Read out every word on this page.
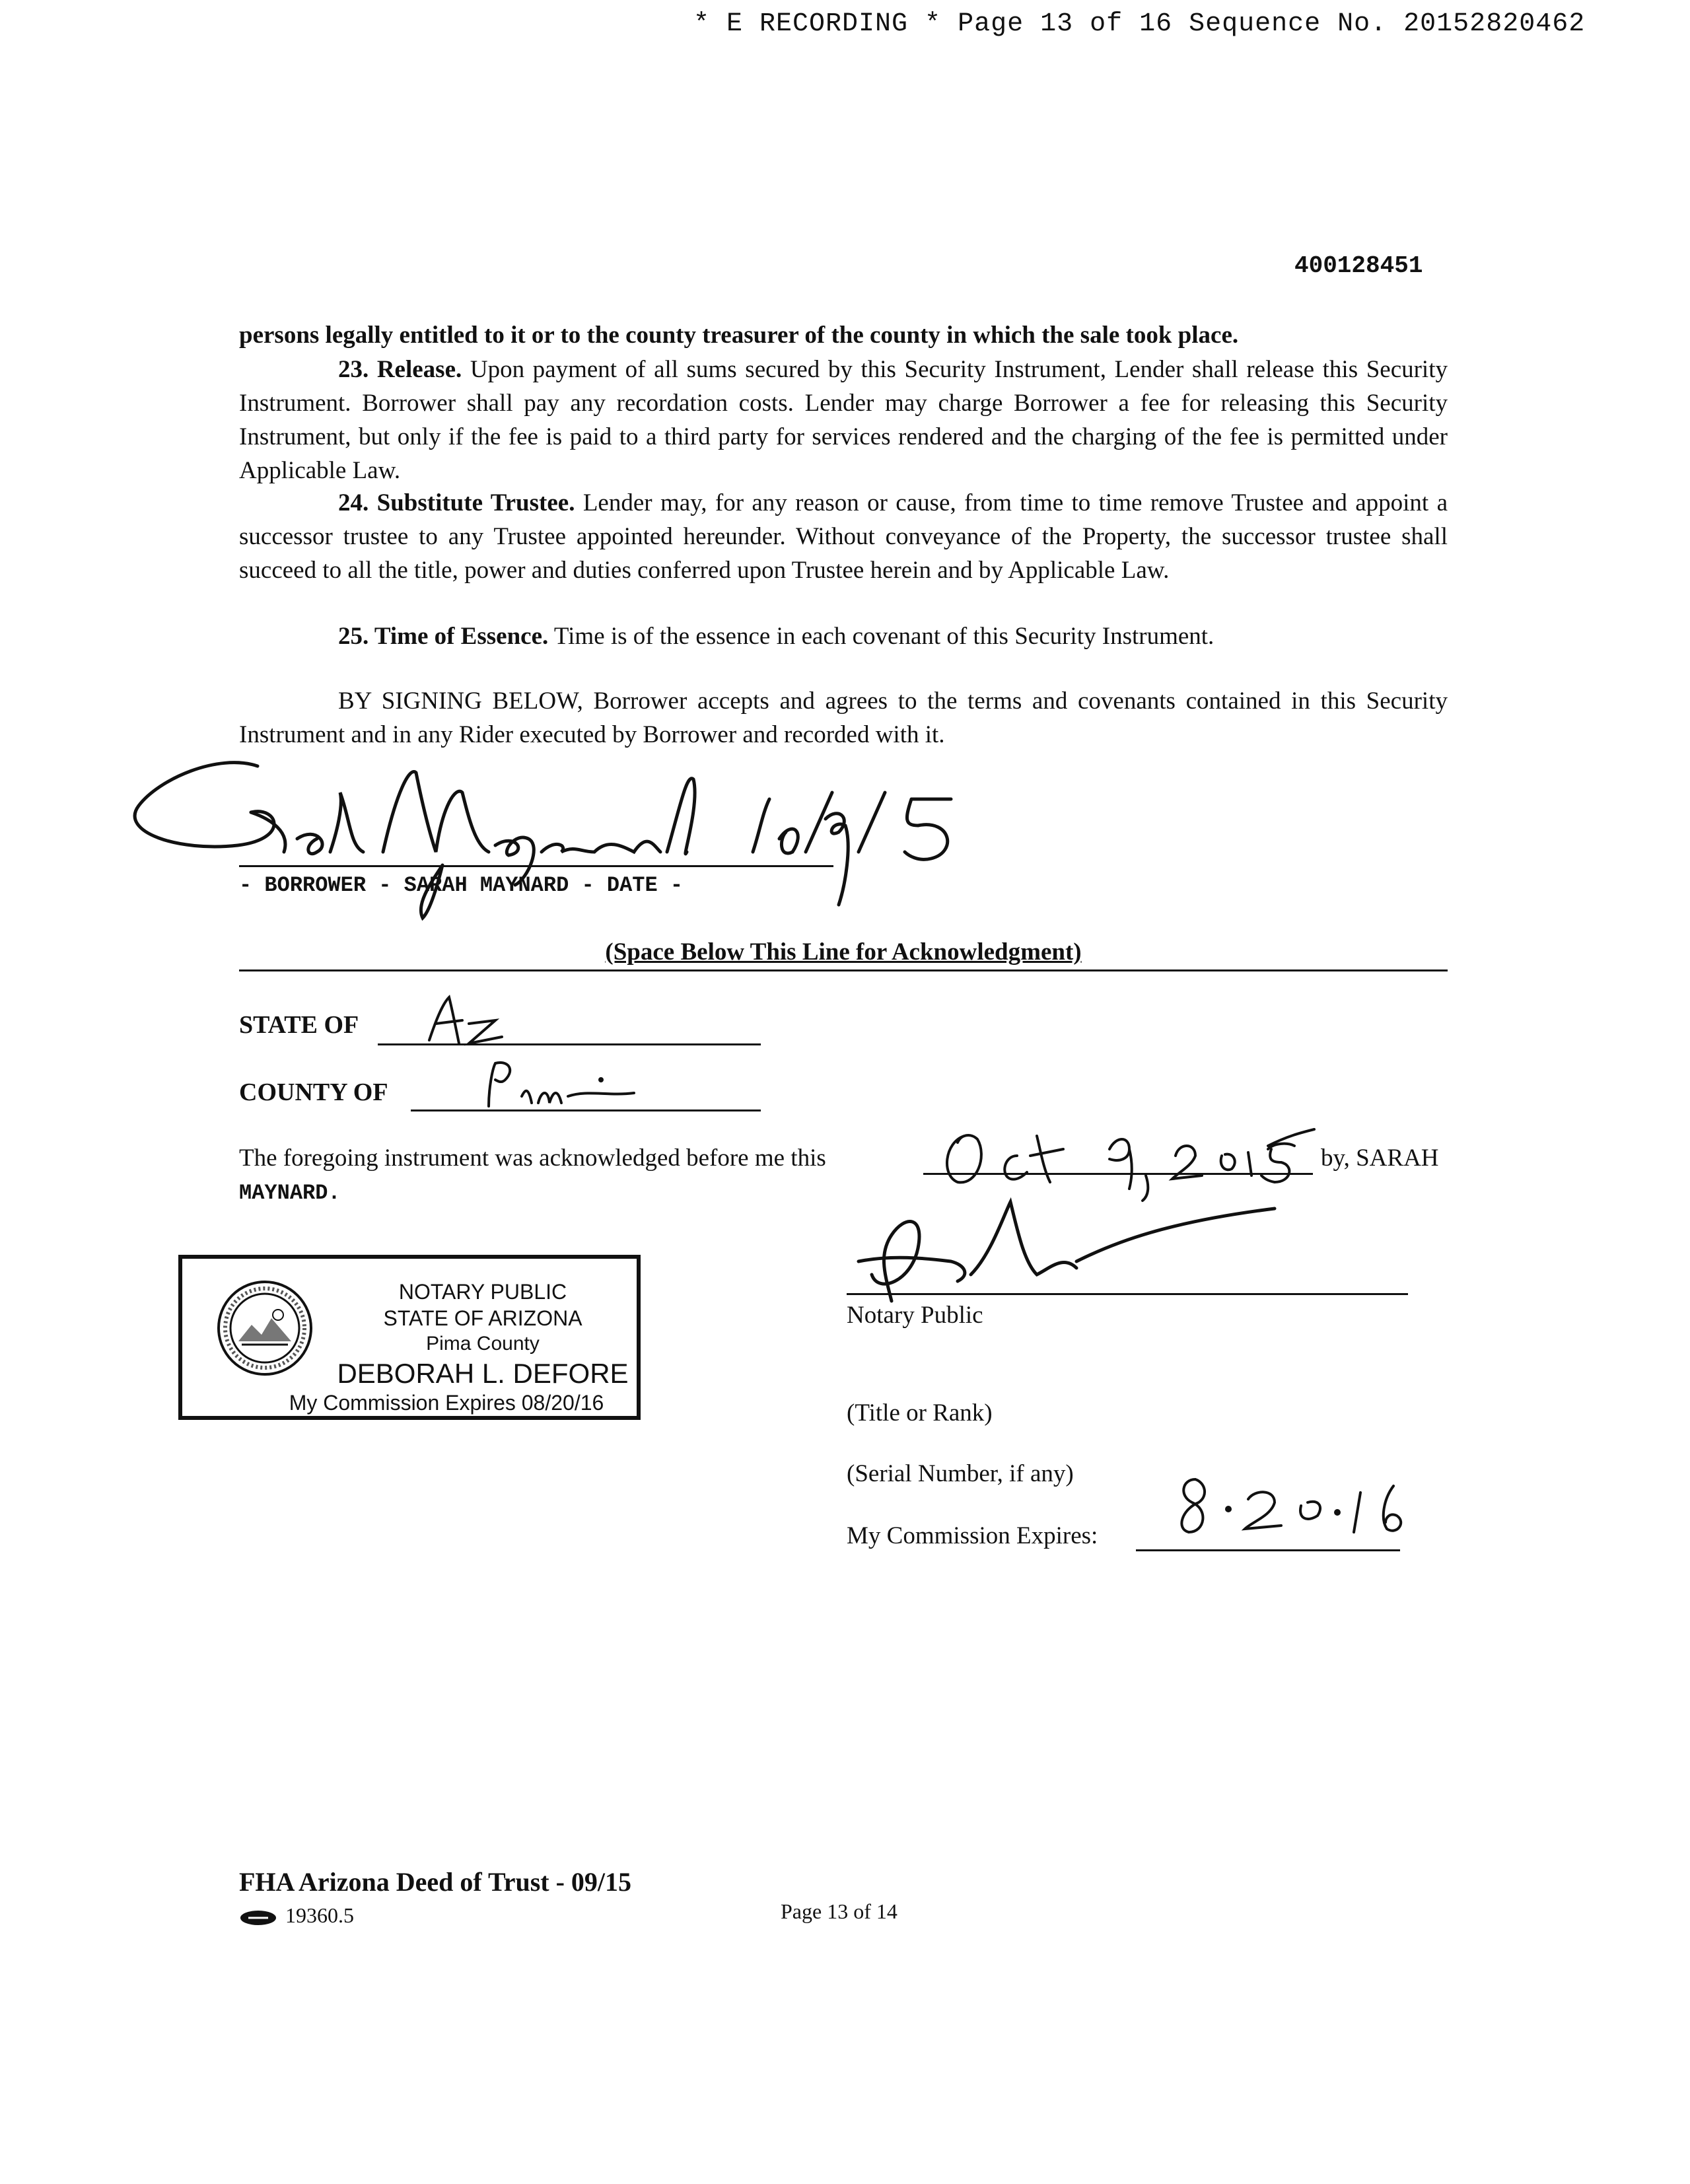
* E RECORDING * Page 13 of 16 Sequence No. 20152820462
400128451
persons legally entitled to it or to the county treasurer of the county in which the sale took place.
23. Release. Upon payment of all sums secured by this Security Instrument, Lender shall release this Security Instrument. Borrower shall pay any recordation costs. Lender may charge Borrower a fee for releasing this Security Instrument, but only if the fee is paid to a third party for services rendered and the charging of the fee is permitted under Applicable Law.
24. Substitute Trustee. Lender may, for any reason or cause, from time to time remove Trustee and appoint a successor trustee to any Trustee appointed hereunder. Without conveyance of the Property, the successor trustee shall succeed to all the title, power and duties conferred upon Trustee herein and by Applicable Law.
25. Time of Essence. Time is of the essence in each covenant of this Security Instrument.
BY SIGNING BELOW, Borrower accepts and agrees to the terms and covenants contained in this Security Instrument and in any Rider executed by Borrower and recorded with it.
- BORROWER - SARAH MAYNARD - DATE -
(Space Below This Line for Acknowledgment)
STATE OF
COUNTY OF
The foregoing instrument was acknowledged before me this	by, SARAH
MAYNARD.
NOTARY PUBLIC
STATE OF ARIZONA
Pima County
DEBORAH L. DEFORE
My Commission Expires 08/20/16
Notary Public
(Title or Rank)
(Serial Number, if any)
My Commission Expires:
FHA Arizona Deed of Trust - 09/15
19360.5	Page 13 of 14
